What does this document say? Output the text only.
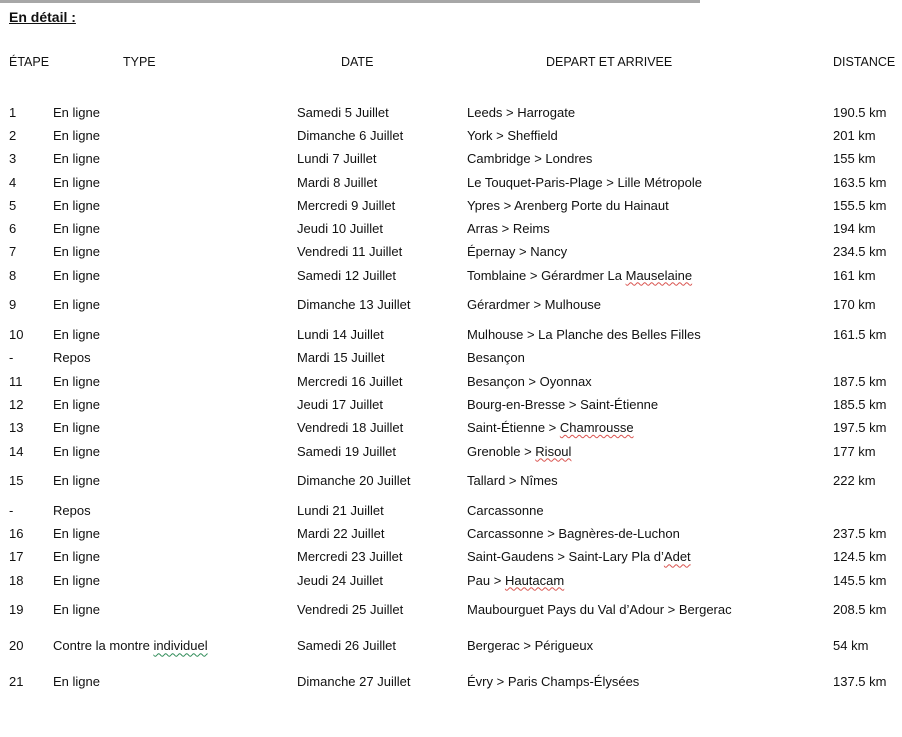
En détail :
ÉTAPE	TYPE	DATE	DEPART ET ARRIVEE	DISTANCE

1	En ligne	Samedi 5 Juillet	Leeds > Harrogate	190.5 km
2	En ligne	Dimanche 6 Juillet	York > Sheffield	201 km
3	En ligne	Lundi 7 Juillet	Cambridge > Londres	155 km
4	En ligne	Mardi 8 Juillet	Le Touquet-Paris-Plage > Lille Métropole	163.5 km
5	En ligne	Mercredi 9 Juillet	Ypres > Arenberg Porte du Hainaut	155.5 km
6	En ligne	Jeudi 10 Juillet	Arras > Reims	194 km
7	En ligne	Vendredi 11 Juillet	Épernay > Nancy	234.5 km
8	En ligne	Samedi 12 Juillet	Tomblaine > Gérardmer La Mauselaine	161 km
9	En ligne	Dimanche 13 Juillet	Gérardmer > Mulhouse	170 km
10	En ligne	Lundi 14 Juillet	Mulhouse > La Planche des Belles Filles	161.5 km
-	Repos	Mardi 15 Juillet	Besançon	
11	En ligne	Mercredi 16 Juillet	Besançon > Oyonnax	187.5 km
12	En ligne	Jeudi 17 Juillet	Bourg-en-Bresse > Saint-Étienne	185.5 km
13	En ligne	Vendredi 18 Juillet	Saint-Étienne > Chamrousse	197.5 km
14	En ligne	Samedi 19 Juillet	Grenoble > Risoul	177 km
15	En ligne	Dimanche 20 Juillet	Tallard > Nîmes	222 km
-	Repos	Lundi 21 Juillet	Carcassonne	
16	En ligne	Mardi 22 Juillet	Carcassonne > Bagnères-de-Luchon	237.5 km
17	En ligne	Mercredi 23 Juillet	Saint-Gaudens > Saint-Lary Pla d’Adet	124.5 km
18	En ligne	Jeudi 24 Juillet	Pau > Hautacam	145.5 km
19	En ligne	Vendredi 25 Juillet	Maubourguet Pays du Val d’Adour > Bergerac	208.5 km
20	Contre la montre individuel	Samedi 26 Juillet	Bergerac > Périgueux	54 km
21	En ligne	Dimanche 27 Juillet	Évry > Paris Champs-Élysées	137.5 km
